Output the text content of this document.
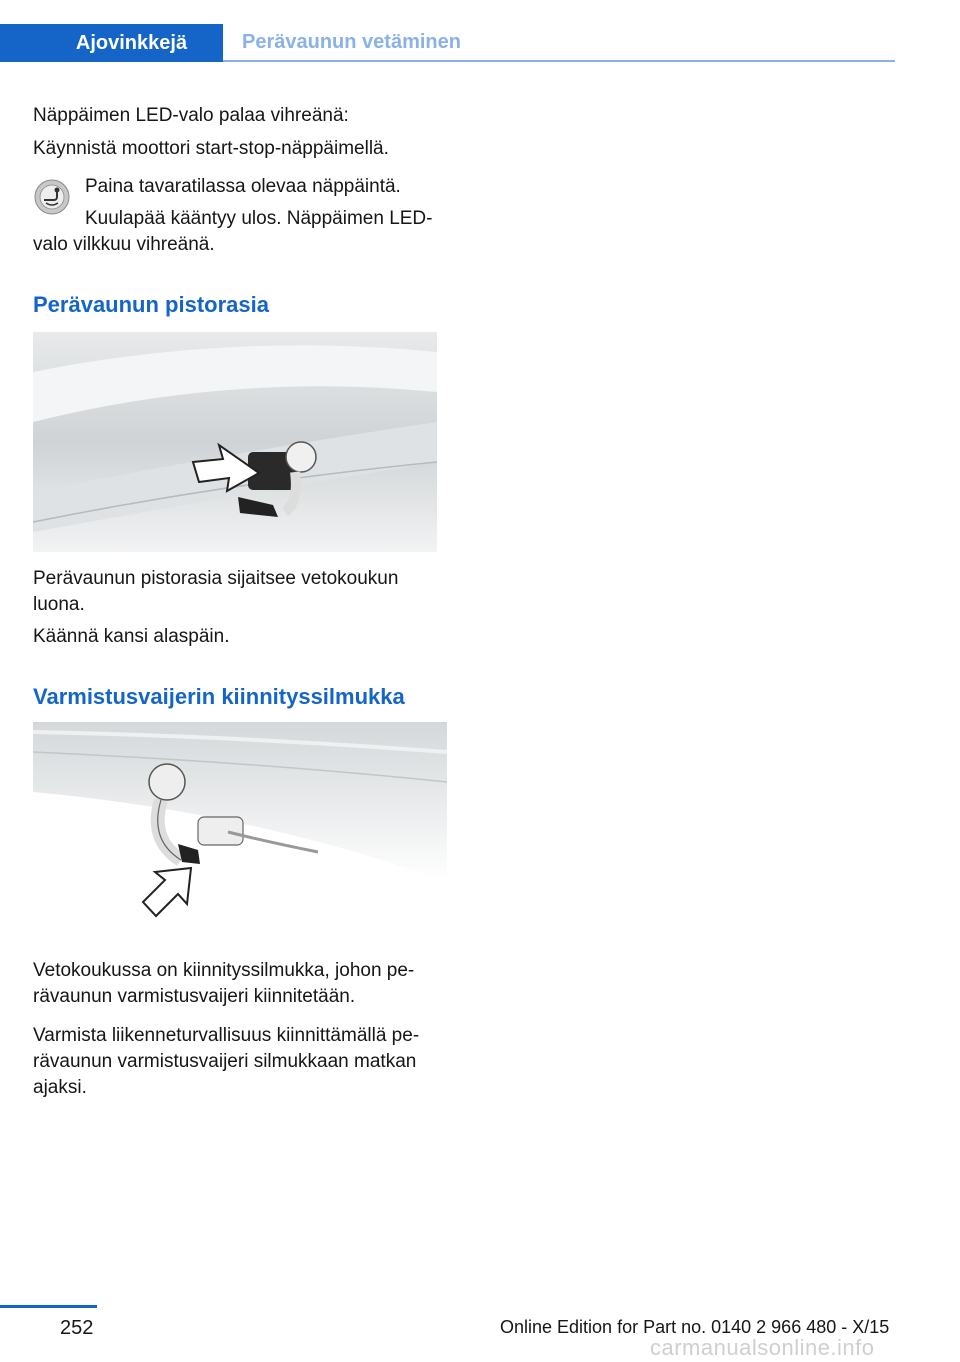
Ajovinkkejä	Perävaunun vetäminen

Näppäimen LED-valo palaa vihreänä:

Käynnistä moottori start-stop-näppäimellä.

Paina tavaratilassa olevaa näppäintä.

Kuulapää kääntyy ulos. Näppäimen LED-

valo vilkkuu vihreänä.

Perävaunun pistorasia

Perävaunun pistorasia sijaitsee vetokoukun

luona.

Käännä kansi alaspäin.

Varmistusvaijerin kiinnityssilmukka

Vetokoukussa on kiinnityssilmukka, johon pe‐

rävaunun varmistusvaijeri kiinnitetään.

Varmista liikenneturvallisuus kiinnittämällä pe‐

rävaunun varmistusvaijeri silmukkaan matkan

ajaksi.

252	Online Edition for Part no. 0140 2 966 480 - X/15
carmanualsonline.info
